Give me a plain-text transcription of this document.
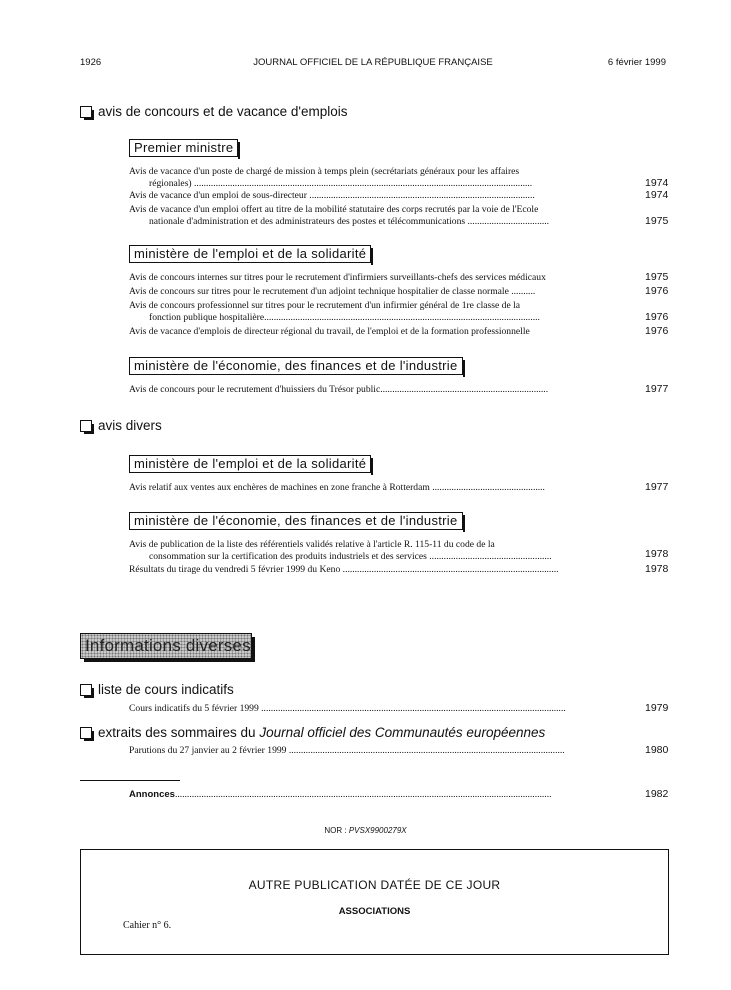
1926	JOURNAL OFFICIEL DE LA RÉPUBLIQUE FRANÇAISE	6 février 1999
avis de concours et de vacance d'emplois
Premier ministre
Avis de vacance d'un poste de chargé de mission à temps plein (secrétariats généraux pour les affaires
régionales) .............................................................................................................................................	1974
Avis de vacance d'un emploi de sous-directeur ..............................................................................................	1974
Avis de vacance d'un emploi offert au titre de la mobilité statutaire des corps recrutés par la voie de l'Ecole
nationale d'administration et des administrateurs des postes et télécommunications ..................................	1975
ministère de l'emploi et de la solidarité
Avis de concours internes sur titres pour le recrutement d'infirmiers surveillants-chefs des services médicaux	1975
Avis de concours sur titres pour le recrutement d'un adjoint technique hospitalier de classe normale ..........	1976
Avis de concours professionnel sur titres pour le recrutement d'un infirmier général de 1re classe de la
fonction publique hospitalière...................................................................................................................	1976
Avis de vacance d'emplois de directeur régional du travail, de l'emploi et de la formation professionnelle	1976
ministère de l'économie, des finances et de l'industrie
Avis de concours pour le recrutement d'huissiers du Trésor public......................................................................	1977
avis divers
ministère de l'emploi et de la solidarité
Avis relatif aux ventes aux enchères de machines en zone franche à Rotterdam ...............................................	1977
ministère de l'économie, des finances et de l'industrie
Avis de publication de la liste des référentiels validés relative à l'article R. 115-11 du code de la
consommation sur la certification des produits industriels et des services ...................................................	1978
Résultats du tirage du vendredi 5 février 1999 du Keno ..........................................................................................	1978
Informations diverses
liste de cours indicatifs
Cours indicatifs du 5 février 1999 ...............................................................................................................................	1979
extraits des sommaires du
Journal officiel des Communautés européennes
Parutions du 27 janvier au 2 février 1999 ...................................................................................................................	1980
Annonces.............................................................................................................................................................	1982
NOR : PVSX9900279X
AUTRE PUBLICATION DATÉE DE CE JOUR
ASSOCIATIONS
Cahier n° 6.
